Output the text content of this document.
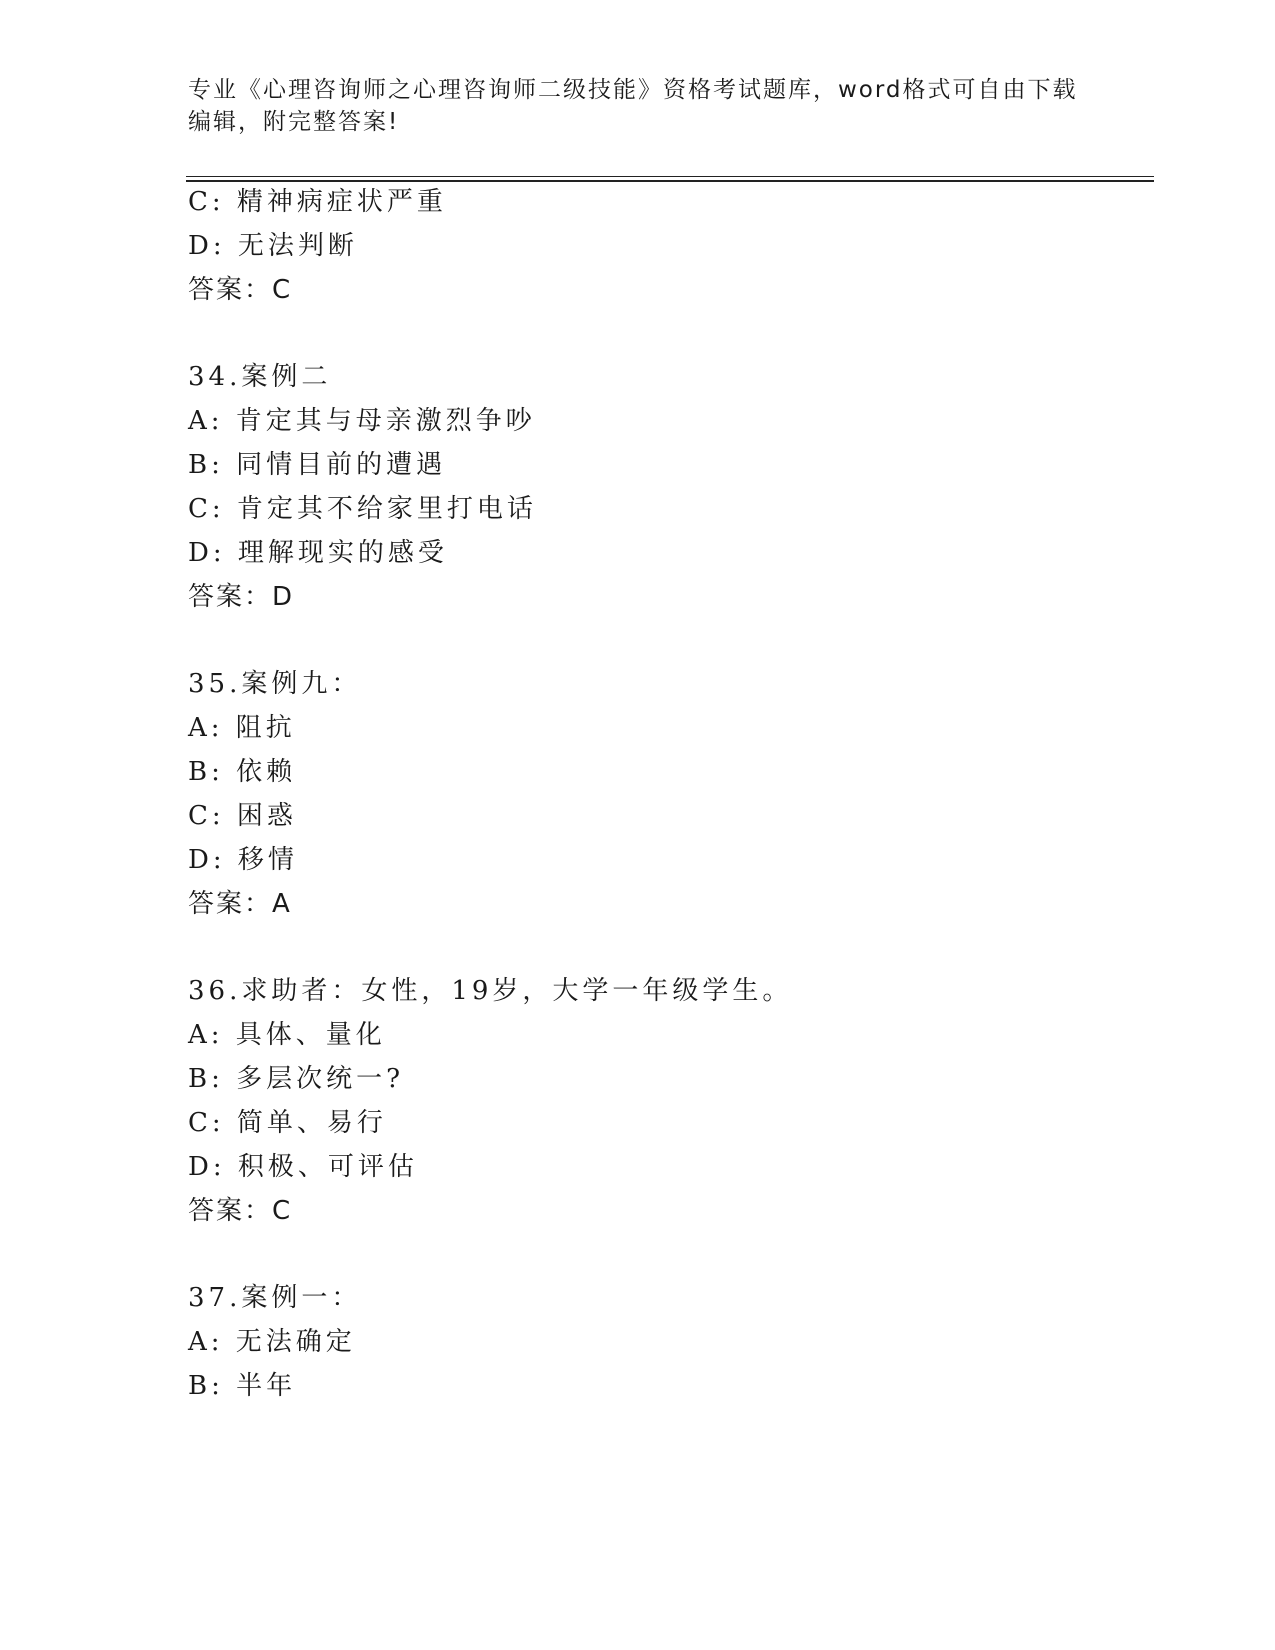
专业《心理咨询师之心理咨询师二级技能》资格考试题库，word格式可自由下载
编辑，附完整答案!
C: 精神病症状严重
D: 无法判断
答案：C
34.案例二
A: 肯定其与母亲激烈争吵
B: 同情目前的遭遇
C: 肯定其不给家里打电话
D: 理解现实的感受
答案：D
35.案例九：
A: 阻抗
B: 依赖
C: 困惑
D: 移情
答案：A
36.求助者：女性，19岁，大学一年级学生。
A: 具体、量化
B: 多层次统一?
C: 简单、易行
D: 积极、可评估
答案：C
37.案例一：
A: 无法确定
B: 半年
